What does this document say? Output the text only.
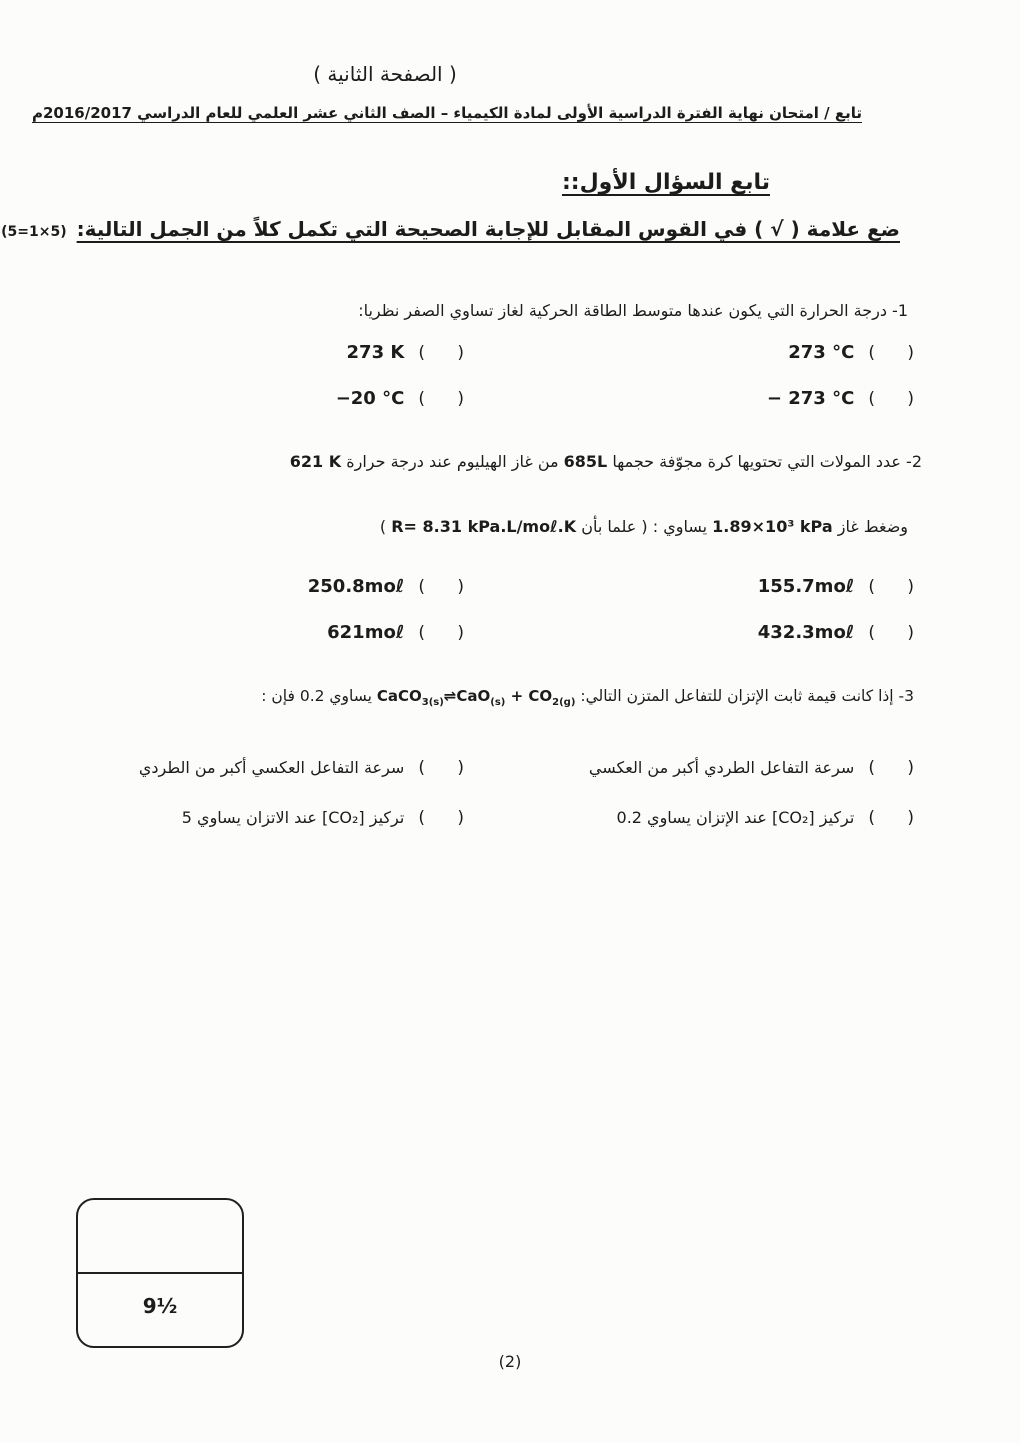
( الصفحة الثانية )
تابع / امتحان نهاية الفترة الدراسية الأولى لمادة الكيمياء – الصف الثاني عشر العلمي للعام الدراسي 2016/2017م
تابع السؤال الأول::
ضع علامة ( √ ) في القوس المقابل للإجابة الصحيحة التي تكمل كلاً من الجمل التالية:
(5=1×5)
1- درجة الحرارة التي يكون عندها متوسط الطاقة الحركية لغاز تساوي الصفر نظريا:
273 °C (      )
273 K (      )
− 273 °C (      )
−20 °C (      )
2- عدد المولات التي تحتويها كرة مجوّفة حجمها 685L من غاز الهيليوم عند درجة حرارة 621 K
وضغط غاز 1.89×10³ kPa يساوي : ( علما بأن R= 8.31 kPa.L/moℓ.K )
155.7moℓ (      )
250.8moℓ (      )
432.3moℓ (      )
621moℓ (      )
3- إذا كانت قيمة ثابت الإتزان للتفاعل المتزن التالي: CaCO$_{3(s)}$⇌CaO$_{(s)}$ + $CO_{2(g)}$ يساوي 0.2 فإن :
سرعة التفاعل الطردي أكبر من العكسي (      )
سرعة التفاعل العكسي أكبر من الطردي (      )
تركيز [CO₂] عند الإتزان يساوي 0.2 (      )
تركيز [CO₂] عند الاتزان يساوي 5 (      )
9½
(2)
